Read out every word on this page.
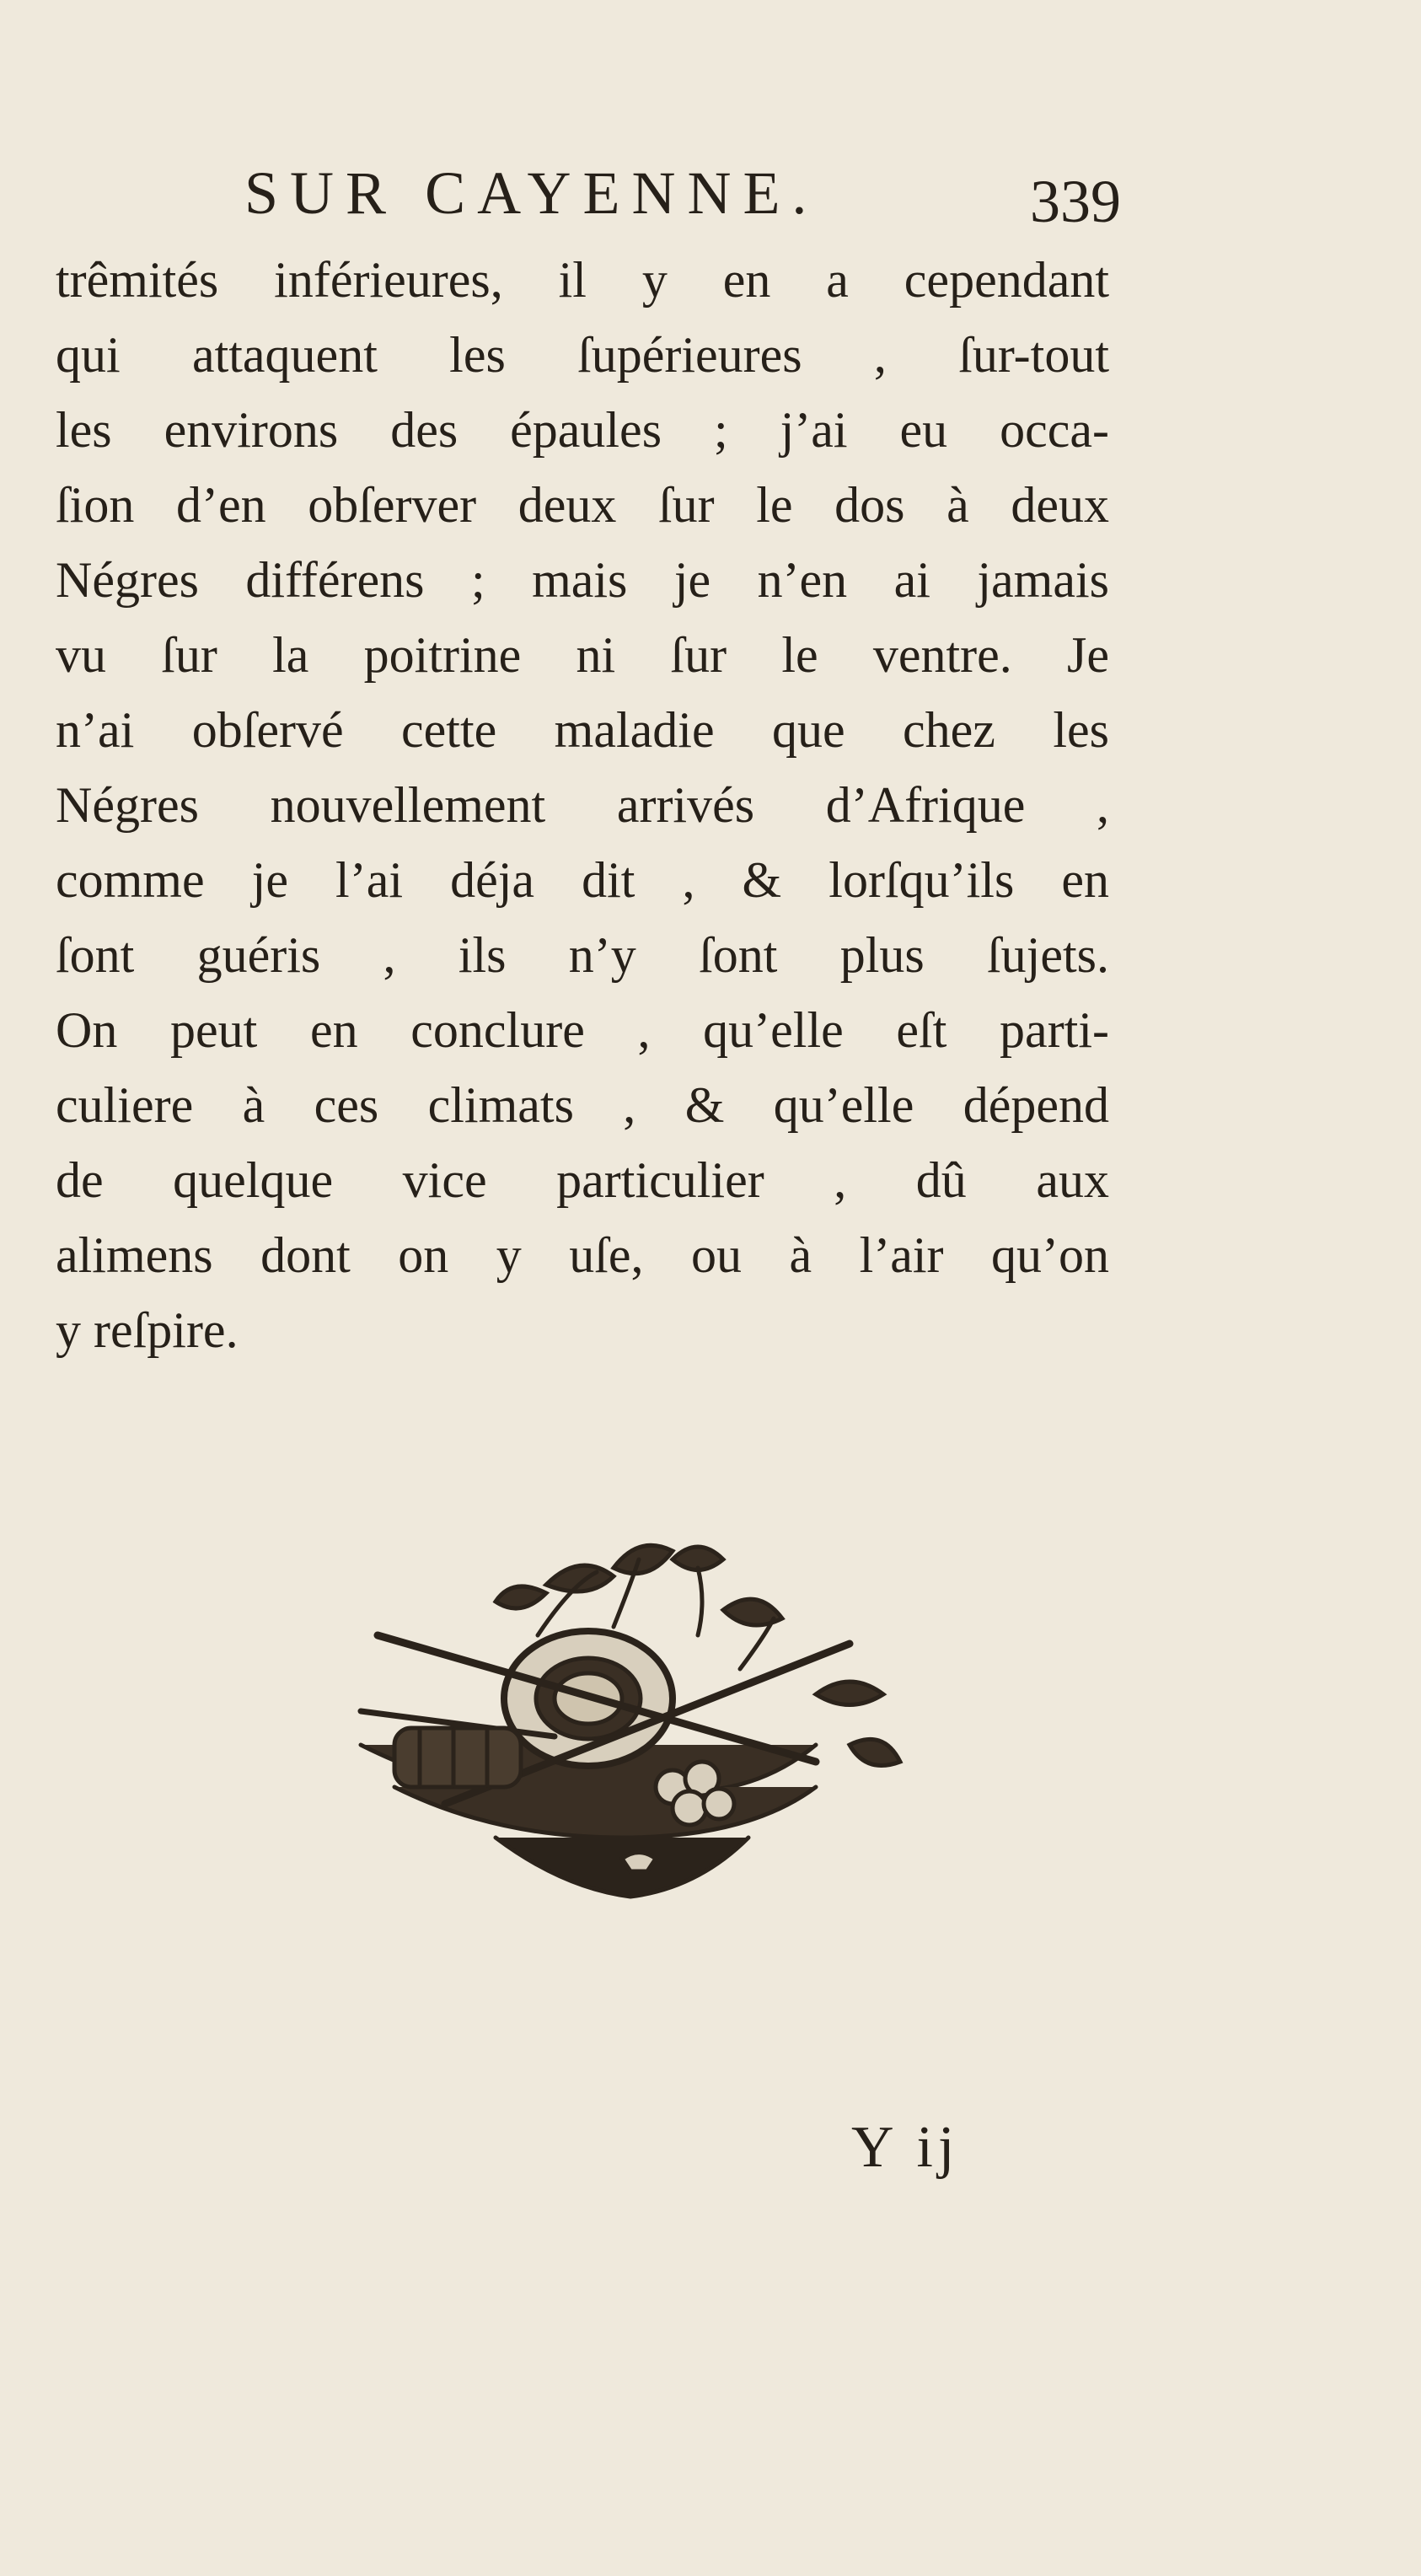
SUR CAYENNE.	339
trêmités inférieures, il y en a cependant
qui attaquent les ſupérieures , ſur-tout
les environs des épaules ; j’ai eu occa-
ſion d’en obſerver deux ſur le dos à deux
Négres différens ; mais je n’en ai jamais
vu ſur la poitrine ni ſur le ventre. Je
n’ai obſervé cette maladie que chez les
Négres nouvellement arrivés d’Afrique ,
comme je l’ai déja dit , & lorſqu’ils en
ſont guéris , ils n’y ſont plus ſujets.
On peut en conclure , qu’elle eſt parti-
culiere à ces climats , & qu’elle dépend
de quelque vice particulier , dû aux
alimens dont on y uſe, ou à l’air qu’on
y reſpire.
Y ij
